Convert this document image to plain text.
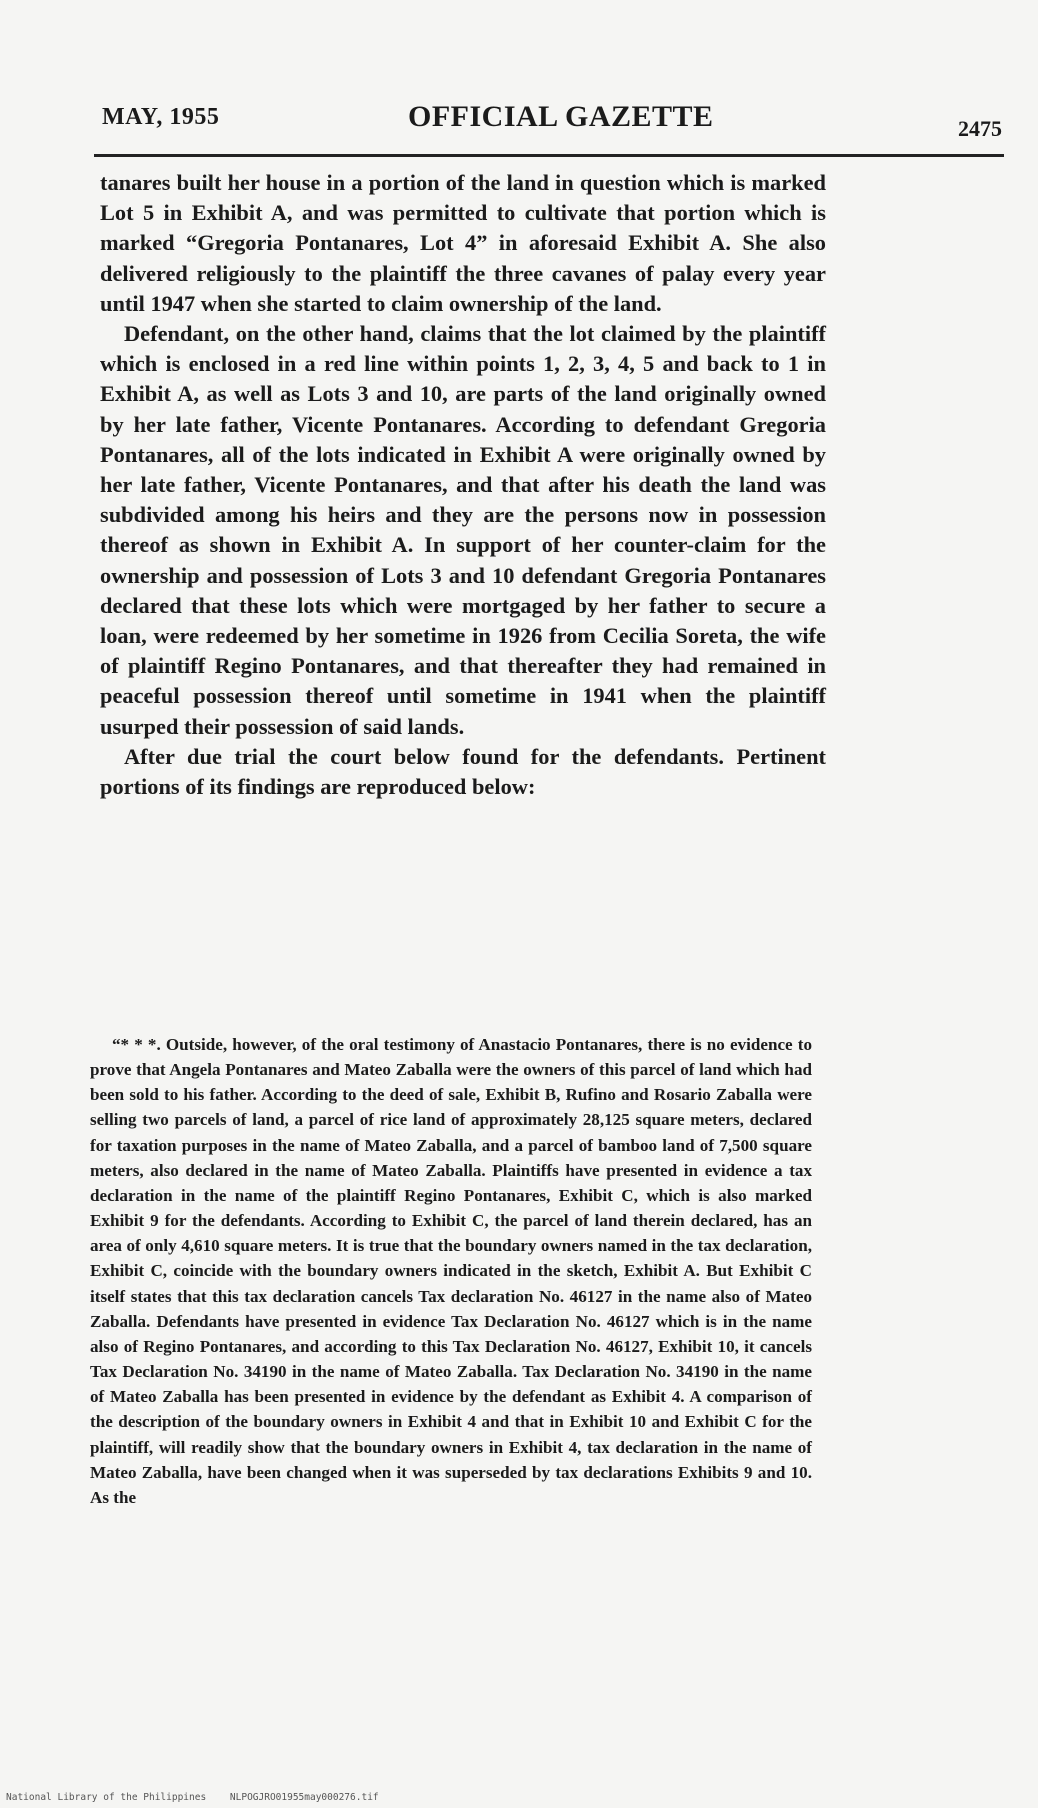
MAY, 1955	OFFICIAL GAZETTE	2475

tanares built her house in a portion of the land in question which is marked Lot 5 in Exhibit A, and was permitted to cultivate that portion which is marked “Gregoria Pontanares, Lot 4” in aforesaid Exhibit A. She also delivered religiously to the plaintiff the three cavanes of palay every year until 1947 when she started to claim ownership of the land.

Defendant, on the other hand, claims that the lot claimed by the plaintiff which is enclosed in a red line within points 1, 2, 3, 4, 5 and back to 1 in Exhibit A, as well as Lots 3 and 10, are parts of the land originally owned by her late father, Vicente Pontanares. According to defendant Gregoria Pontanares, all of the lots indicated in Exhibit A were originally owned by her late father, Vicente Pontanares, and that after his death the land was subdivided among his heirs and they are the persons now in possession thereof as shown in Exhibit A. In support of her counter-claim for the ownership and possession of Lots 3 and 10 defendant Gregoria Pontanares declared that these lots which were mortgaged by her father to secure a loan, were redeemed by her sometime in 1926 from Cecilia Soreta, the wife of plaintiff Regino Pontanares, and that thereafter they had remained in peaceful possession thereof until sometime in 1941 when the plaintiff usurped their possession of said lands.

After due trial the court below found for the defendants. Pertinent portions of its findings are reproduced below:

“* * *. Outside, however, of the oral testimony of Anastacio Pontanares, there is no evidence to prove that Angela Pontanares and Mateo Zaballa were the owners of this parcel of land which had been sold to his father. According to the deed of sale, Exhibit B, Rufino and Rosario Zaballa were selling two parcels of land, a parcel of rice land of approximately 28,125 square meters, declared for taxation purposes in the name of Mateo Zaballa, and a parcel of bamboo land of 7,500 square meters, also declared in the name of Mateo Zaballa. Plaintiffs have presented in evidence a tax declaration in the name of the plaintiff Regino Pontanares, Exhibit C, which is also marked Exhibit 9 for the defendants. According to Exhibit C, the parcel of land therein declared, has an area of only 4,610 square meters. It is true that the boundary owners named in the tax declaration, Exhibit C, coincide with the boundary owners indicated in the sketch, Exhibit A. But Exhibit C itself states that this tax declaration cancels Tax declaration No. 46127 in the name also of Mateo Zaballa. Defendants have presented in evidence Tax Declaration No. 46127 which is in the name also of Regino Pontanares, and according to this Tax Declaration No. 46127, Exhibit 10, it cancels Tax Declaration No. 34190 in the name of Mateo Zaballa. Tax Declaration No. 34190 in the name of Mateo Zaballa has been presented in evidence by the defendant as Exhibit 4. A comparison of the description of the boundary owners in Exhibit 4 and that in Exhibit 10 and Exhibit C for the plaintiff, will readily show that the boundary owners in Exhibit 4, tax declaration in the name of Mateo Zaballa, have been changed when it was superseded by tax declarations Exhibits 9 and 10. As the

National Library of the Philippines NLPOGJRO01955may000276.tif
